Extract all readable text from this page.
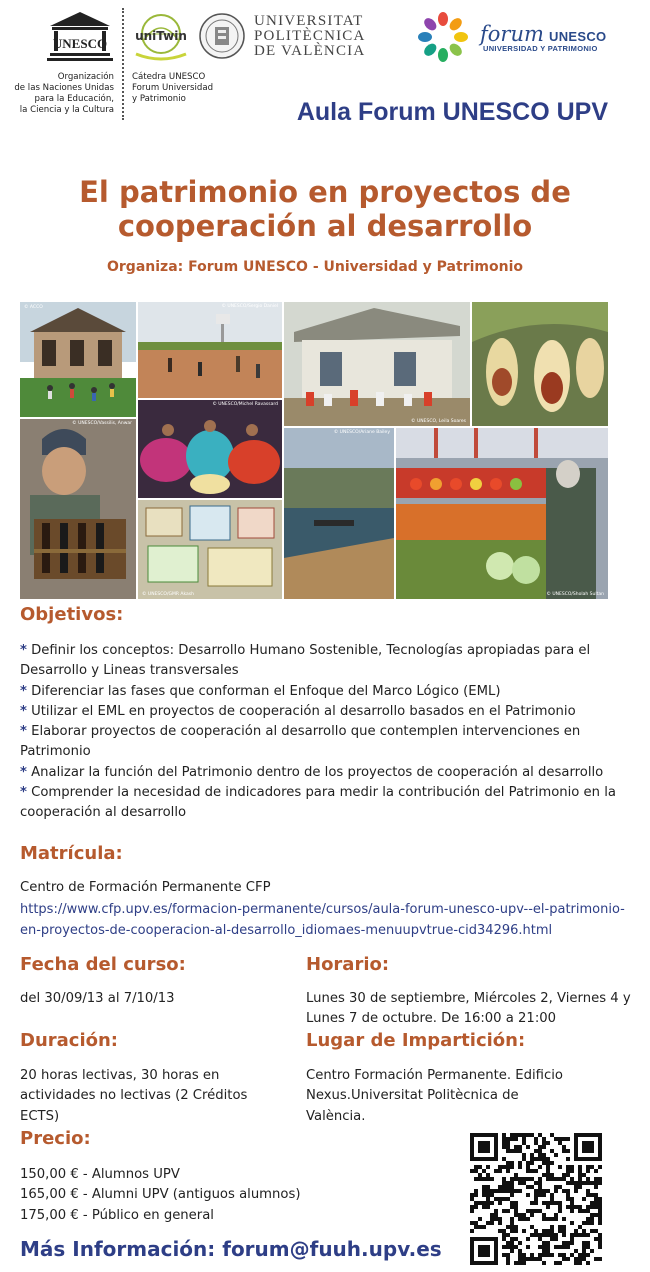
UNESCO
Organización
de las Naciones Unidas
para la Educación,
la Ciencia y la Cultura
uniTwin
Cátedra UNESCO
Forum Universidad
y Patrimonio
UNIVERSITAT
POLITÈCNICA
DE VALÈNCIA
forum UNESCO
UNIVERSIDAD Y PATRIMONIO
Aula Forum UNESCO UPV
El patrimonio en proyectos de
cooperación al desarrollo
Organiza: Forum UNESCO - Universidad y Patrimonio
© ACCO	© UNESCO/Sergio Daniel
© UNESCO/Michel Ravassard
© UNESCO/Vassilis, Anwar	© UNESCO, Leila Soares
© UNESCO/Ariane Bailey
© UNESCO/GMR Akash	© UNESCO/Sholah Sultan
Objetivos:
* Definir los conceptos: Desarrollo Humano Sostenible, Tecnologías apropiadas para el Desarrollo y Lineas transversales
* Diferenciar las fases que conforman el Enfoque del Marco Lógico (EML)
* Utilizar el EML en proyectos de cooperación al desarrollo basados en el Patrimonio
* Elaborar proyectos de cooperación al desarrollo que contemplen intervenciones en Patrimonio
* Analizar la función del Patrimonio dentro de los proyectos de cooperación al desarrollo
* Comprender la necesidad de indicadores para medir la contribución del Patrimonio en la cooperación al desarrollo
Matrícula:
Centro de Formación Permanente CFP
https://www.cfp.upv.es/formacion-permanente/cursos/aula-forum-unesco-upv--el-patrimonio-en-proyectos-de-cooperacion-al-desarrollo_idiomaes-menuupvtrue-cid34296.html
Fecha del curso:
del 30/09/13 al 7/10/13
Horario:
Lunes 30 de septiembre, Miércoles 2, Viernes 4 y Lunes 7 de octubre. De 16:00 a 21:00
Duración:
20 horas lectivas, 30 horas en actividades no lectivas (2 Créditos ECTS)
Lugar de Impartición:
Centro Formación Permanente. Edificio Nexus.Universitat Politècnica de València.
Precio:
150,00 € - Alumnos UPV
165,00 € - Alumni UPV (antiguos alumnos)
175,00 € - Público en general
Más Información: forum@fuuh.upv.es
